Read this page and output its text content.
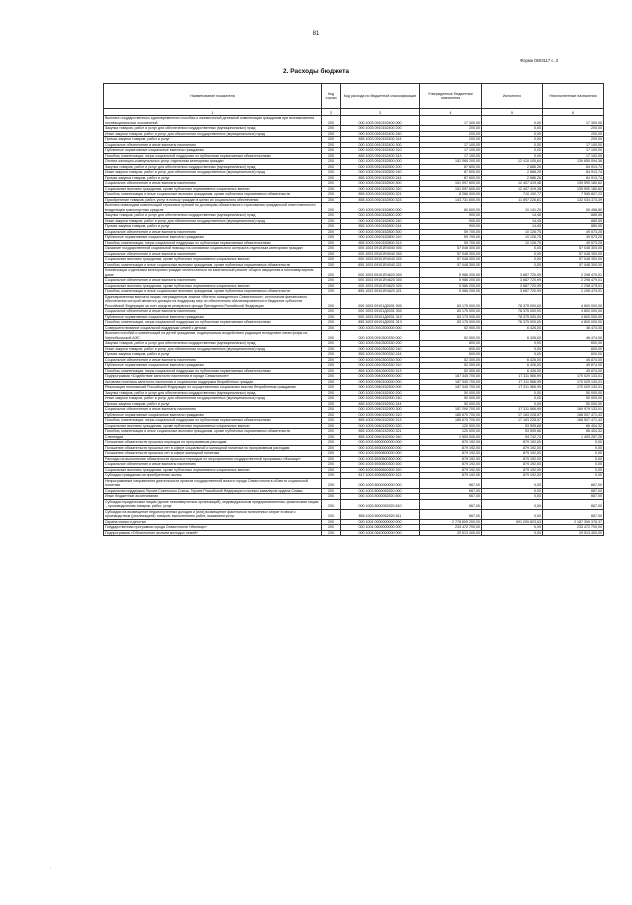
81
Форма 0503117 с. 2
2. Расходы бюджета
Наименование показателя	Код строки	Код расхода по бюджетной классификации	Утвержденные бюджетные назначения	Исполнено	Неисполненные назначения
1	2	3	4	5	6
Выплата государственного единовременного пособия и ежемесячной денежной компенсации гражданам при возникновении поствакцинальных осложнений	200	000 1003 0910152400 000	17 300,00	0,00	17 300,00
Закупка товаров, работ и услуг для обеспечения государственных (муниципальных) нужд	200	000 1003 0910152400 200	200,00	0,00	200,00
Иные закупки товаров, работ и услуг для обеспечения государственных (муниципальных) нужд	200	000 1003 0910152400 240	200,00	0,00	200,00
Прочая закупка товаров, работ и услуг	200	855 1003 0910152400 244	200,00	0,00	200,00
Социальное обеспечение и иные выплаты населению	200	000 1003 0910152400 300	17 100,00	0,00	17 100,00
Публичные нормативные социальные выплаты гражданам	200	000 1003 0910152400 310	17 100,00	0,00	17 100,00
Пособия, компенсации, меры социальной поддержки по публичным нормативным обязательствам	200	855 1003 0910152400 313	17 100,00	0,00	17 100,00
Оплата жилищно-коммунальных услуг отдельным категориям граждан	200	000 1003 0910152500 000	152 065 200,00	12 410 105,64	139 655 094,36
Закупка товаров, работ и услуг для обеспечения государственных (муниципальных) нужд	200	000 1003 0910152500 200	87 600,00	2 686,26	84 913,74
Иные закупки товаров, работ и услуг для обеспечения государственных (муниципальных) нужд	200	000 1003 0910152500 240	87 600,00	2 686,26	84 913,74
Прочая закупка товаров, работ и услуг	200	855 1003 0910152500 244	87 600,00	2 686,26	84 913,74
Социальное обеспечение и иные выплаты населению	200	000 1003 0910152500 300	151 997 600,00	12 407 419,38	139 590 180,62
Социальные выплаты гражданам, кроме публичных нормативных социальных выплат	200	000 1003 0910152500 320	151 997 600,00	12 407 419,38	139 590 180,62
Пособия, компенсации и иные социальные выплаты гражданам, кроме публичных нормативных обязательств	200	855 1003 0910152500 321	8 266 000,00	710 192,77	7 555 807,23
Приобретение товаров, работ, услуг в пользу граждан в целях их социального обеспечения	200	855 1003 0910152500 323	143 731 600,00	11 697 226,61	132 034 373,39
Выплата инвалидам компенсаций страховых премий по договорам обязательного страхования гражданской ответственности владельцев транспортных средств	200	000 1003 0910152800 000	60 600,00	10 141,20	50 458,80
Закупка товаров, работ и услуг для обеспечения государственных (муниципальных) нужд	200	000 1003 0910152800 200	900,00	14,45	885,55
Иные закупки товаров, работ и услуг для обеспечения государственных (муниципальных) нужд	200	000 1003 0910152800 240	900,00	14,45	885,55
Прочая закупка товаров, работ и услуг	200	855 1003 0910152800 244	900,00	14,45	885,55
Социальное обеспечение и иные выплаты населению	200	000 1003 0910152800 300	59 700,00	10 126,75	49 573,25
Публичные нормативные социальные выплаты гражданам	200	000 1003 0910152800 310	59 700,00	10 126,75	49 573,25
Пособия, компенсации, меры социальной поддержки по публичным нормативным обязательствам	200	855 1003 0910152800 313	59 700,00	10 126,75	49 573,25
Оказание государственной социальной помощи на основании социального контракта отдельным категориям граждан	200	000 1003 09101R4040 000	57 048 300,00	0,00	57 048 300,00
Социальное обеспечение и иные выплаты населению	200	000 1003 09101R4040 300	57 048 300,00	0,00	57 048 300,00
Социальные выплаты гражданам, кроме публичных нормативных социальных выплат	200	000 1003 09101R4040 320	57 048 300,00	0,00	57 048 300,00
Пособия, компенсации и иные социальные выплаты гражданам, кроме публичных нормативных обязательств	200	855 1003 09101R4040 321	57 048 300,00	0,00	57 048 300,00
Компенсация отдельным категориям граждан оплаты взноса на капитальный ремонт общего имущества в многоквартирном доме	200	000 1003 09101R4620 000	5 986 200,00	3 687 720,99	2 298 479,01
Социальное обеспечение и иные выплаты населению	200	000 1003 09101R4620 300	5 986 200,00	3 687 720,99	2 298 479,01
Социальные выплаты гражданам, кроме публичных нормативных социальных выплат	200	000 1003 09101R4620 320	5 986 200,00	3 687 720,99	2 298 479,01
Пособия, компенсации и иные социальные выплаты гражданам, кроме публичных нормативных обязательств	200	855 1003 09101R4620 321	5 986 200,00	3 687 720,99	2 298 479,01
Единовременная выплата лицам, награжденным знаком «Житель осажденного Севастополя», источником финансового обеспечения которой является дотация на поддержку мер по обеспечению сбалансированности бюджетов субъектов Российской Федерации за счет средств резервного фонда Президента Российской Федерации	200	000 1003 09101Д0031 000	83 175 000,00	78 375 000,00	4 800 000,00
Социальное обеспечение и иные выплаты населению	200	000 1003 09101Д0031 300	83 175 000,00	78 375 000,00	4 800 000,00
Публичные нормативные социальные выплаты гражданам	200	000 1003 09101Д0031 310	83 175 000,00	78 375 000,00	4 800 000,00
Пособия, компенсации, меры социальной поддержки по публичным нормативным обязательствам	200	855 1003 09101Д0031 313	83 175 000,00	78 375 000,00	4 800 000,00
Совершенствование социальной поддержки семей с детьми	200	000 1003 0910300000 000	52 900,00	6 426,00	46 474,00
Выплата пособий и компенсаций на детей гражданам, подвергшимся воздействию радиации вследствие катастрофы на Чернобыльской АЭС	200	000 1003 0910300330 000	52 900,00	6 426,00	46 474,00
Закупка товаров, работ и услуг для обеспечения государственных (муниципальных) нужд	200	000 1003 0910300330 200	600,00	0,00	600,00
Иные закупки товаров, работ и услуг для обеспечения государственных (муниципальных) нужд	200	000 1003 0910300330 240	600,00	0,00	600,00
Прочая закупка товаров, работ и услуг	200	855 1003 0910300330 244	600,00	0,00	600,00
Социальное обеспечение и иные выплаты населению	200	000 1003 0910300330 300	52 300,00	6 426,00	45 874,00
Публичные нормативные социальные выплаты гражданам	200	000 1003 0910300330 310	52 300,00	6 426,00	45 874,00
Пособия, компенсации, меры социальной поддержки по публичным нормативным обязательствам	200	855 1003 0910300330 313	52 300,00	6 426,00	45 874,00
Подпрограмма «Содействие занятости населения в городе Севастополе»	200	000 1003 0940000000 000	187 340 700,00	17 311 566,99	170 029 133,01
Активная политика занятости населения и социальная поддержка безработных граждан	200	000 1003 0940100000 000	187 340 700,00	17 311 566,99	170 029 133,01
Реализация полномочий Российской Федерации по осуществлению социальных выплат безработным гражданам	200	000 1003 0940152900 000	187 340 700,00	17 311 566,99	170 029 133,01
Закупка товаров, работ и услуг для обеспечения государственных (муниципальных) нужд	200	000 1003 0940152900 200	50 000,00	0,00	50 000,00
Иные закупки товаров, работ и услуг для обеспечения государственных (муниципальных) нужд	200	000 1003 0940152900 240	50 000,00	0,00	50 000,00
Прочая закупка товаров, работ и услуг	200	855 1003 0940152900 244	50 000,00	0,00	50 000,00
Социальное обеспечение и иные выплаты населению	200	000 1003 0940152900 300	187 290 700,00	17 311 566,99	169 979 133,01
Публичные нормативные социальные выплаты гражданам	200	000 1003 0940152900 310	185 670 700,00	17 163 228,57	168 507 471,43
Пособия, компенсации, меры социальной поддержки по публичным нормативным обязательствам	200	855 1003 0940152900 313	185 670 700,00	17 163 228,57	168 507 471,43
Социальные выплаты гражданам, кроме публичных нормативных социальных выплат	200	000 1003 0940152900 320	120 000,00	53 595,68	66 404,32
Пособия, компенсации и иные социальные выплаты гражданам, кроме публичных нормативных обязательств	200	855 1003 0940152900 321	120 000,00	53 595,68	66 404,32
Стипендии	200	855 1003 0940152900 340	1 500 000,00	94 742,74	1 405 257,26
Погашение обязательств прошлых периодов по программным расходам	200	000 1003 6900000000 000	879 192,00	879 192,00	0,00
Погашение обязательств прошлых лет в сфере социальной и жилищной политики по программным расходам	200	000 1003 6930000000 000	879 192,00	879 192,00	0,00
Погашение обязательств прошлых лет в сфере жилищной политики	200	000 1003 6930600000 000	879 192,00	879 192,00	0,00
Расходы на выполнение обязательств прошлых периодов по мероприятиям государственной программы «Жилище»	200	000 1003 6930600300 000	879 192,00	879 192,00	0,00
Социальное обеспечение и иные выплаты населению	200	000 1003 6930600300 300	879 192,00	879 192,00	0,00
Социальные выплаты гражданам, кроме публичных нормативных социальных выплат	200	000 1003 6930600300 320	879 192,00	879 192,00	0,00
Субсидии гражданам на приобретение жилья	200	817 1003 6930600300 322	879 192,00	879 192,00	0,00
Непрограммные направления деятельности органов государственной власти города Севастополя в области социальной политики	200	000 1003 8000000000 000	667,00	0,00	667,00
Социальная поддержка Героев Советского Союза, Героев Российской Федерации и полных кавалеров ордена Славы	200	000 1003 8000052520 000	667,00	0,00	667,00
Иные бюджетные ассигнования	200	000 1003 8000052520 800	667,00	0,00	667,00
Субсидии юридическим лицам (кроме некоммерческих организаций), индивидуальным предпринимателям, физическим лицам – производителям товаров, работ, услуг	200	000 1003 8000052520 810	667,00	0,00	667,00
Субсидии на возмещение недополученных доходов и (или) возмещение фактически понесенных затрат в связи с производством (реализацией) товаров, выполнением работ, оказанием услуг	200	855 1003 8000052520 811	667,00	0,00	667,00
Охрана семьи и детства	200	000 1004 0000000000 000	2 778 609 200,00	591 209 823,63	2 187 399 376,37
Государственная программа города Севастополя «Жилище»	200	000 1004 0600000000 000	233 472 700,00	0,00	233 472 700,00
Подпрограмма «Обеспечение жильем молодых семей»	200	000 1004 0610000000 000	29 513 400,00	0,00	29 513 400,00
·
